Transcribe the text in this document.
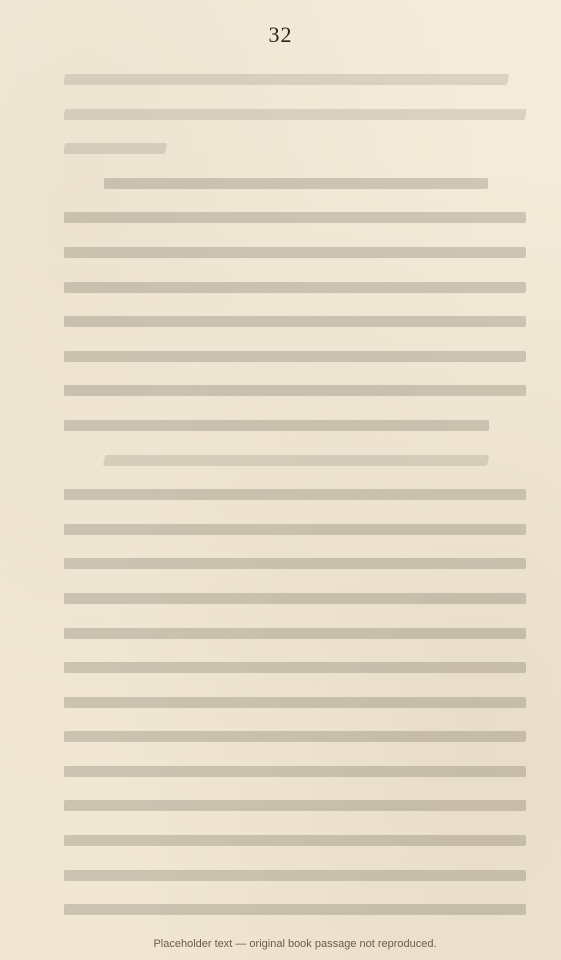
32
Placeholder text — original book passage not reproduced.
